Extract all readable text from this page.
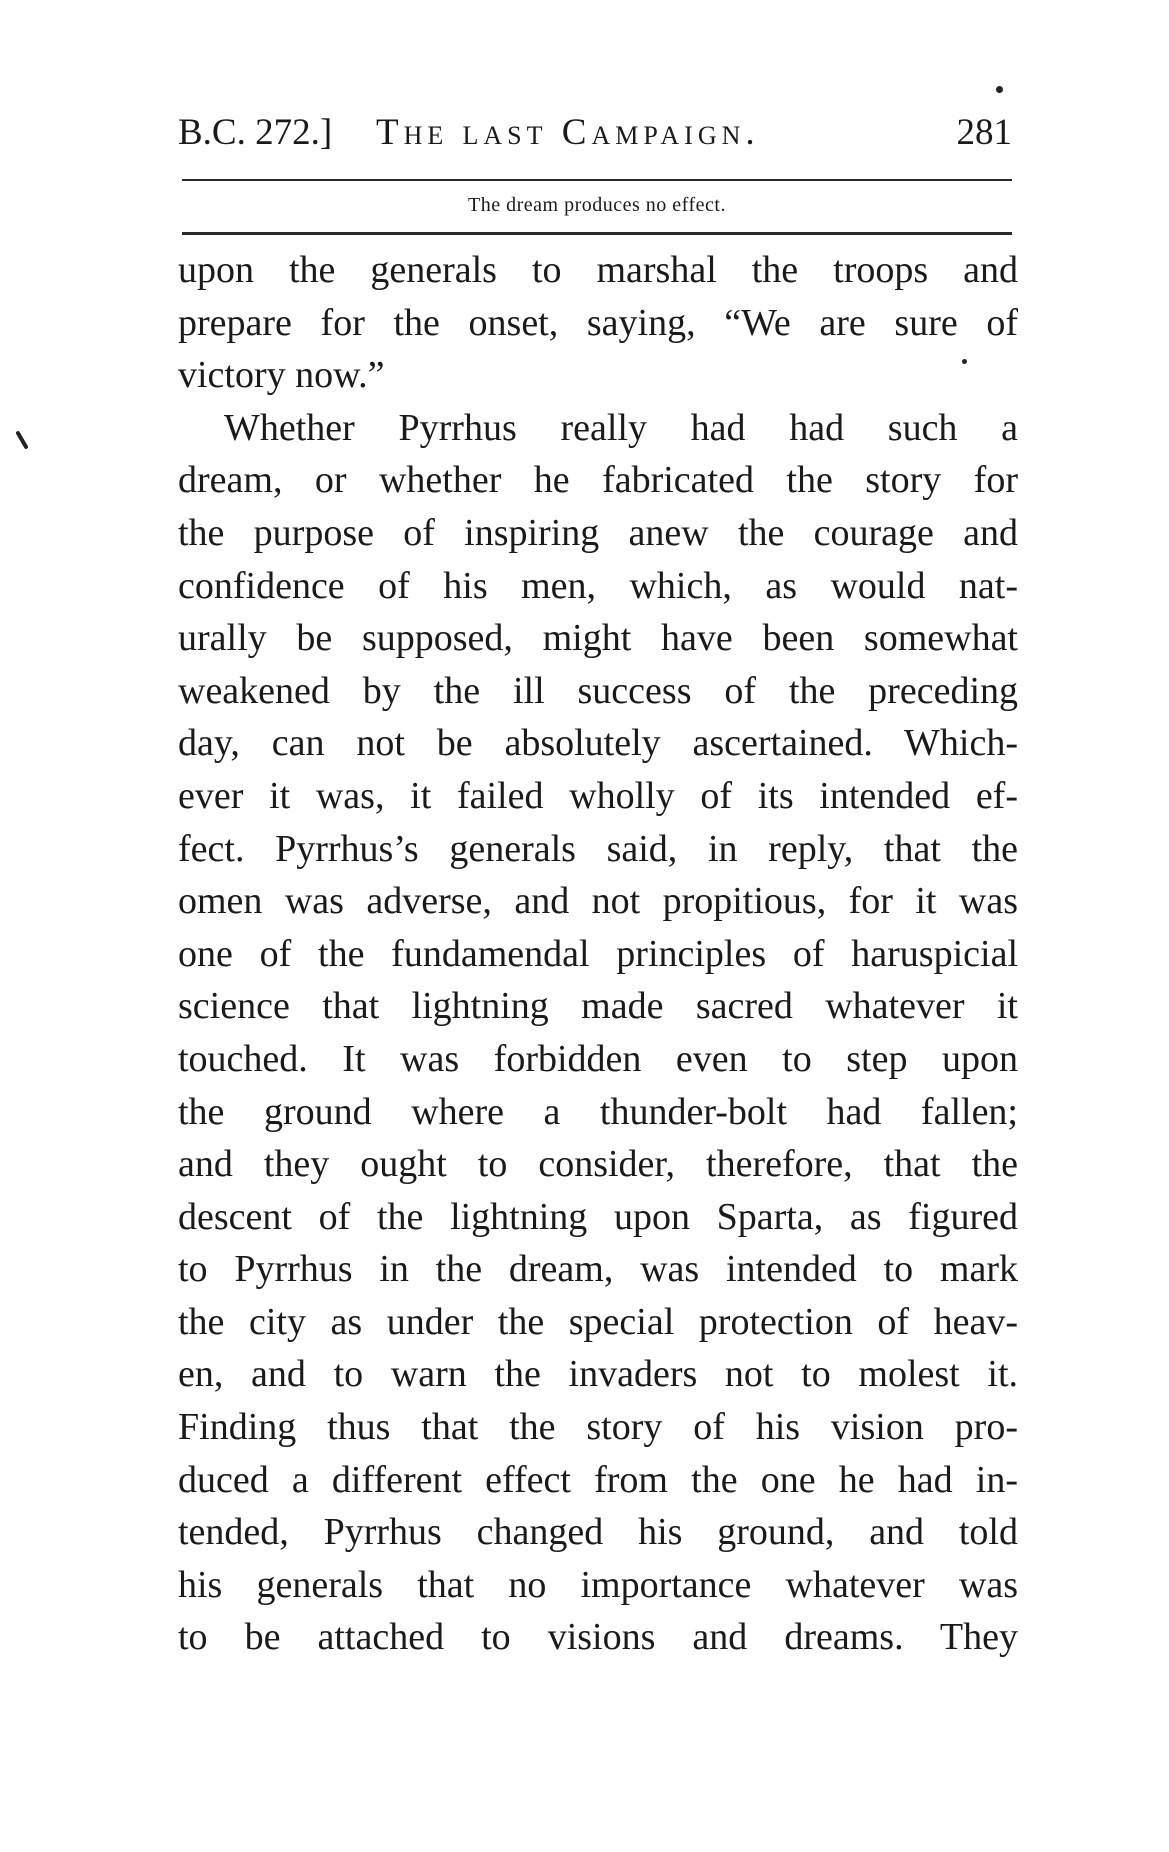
B.C. 272.] The last Campaign.	281
The dream produces no effect.
upon the generals to marshal the troops and
prepare for the onset, saying, “We are sure of
victory now.”
Whether Pyrrhus really had had such a
dream, or whether he fabricated the story for
the purpose of inspiring anew the courage and
confidence of his men, which, as would nat-
urally be supposed, might have been somewhat
weakened by the ill success of the preceding
day, can not be absolutely ascertained. Which-
ever it was, it failed wholly of its intended ef-
fect. Pyrrhus’s generals said, in reply, that the
omen was adverse, and not propitious, for it was
one of the fundamendal principles of haruspicial
science that lightning made sacred whatever it
touched. It was forbidden even to step upon
the ground where a thunder-bolt had fallen;
and they ought to consider, therefore, that the
descent of the lightning upon Sparta, as figured
to Pyrrhus in the dream, was intended to mark
the city as under the special protection of heav-
en, and to warn the invaders not to molest it.
Finding thus that the story of his vision pro-
duced a different effect from the one he had in-
tended, Pyrrhus changed his ground, and told
his generals that no importance whatever was
to be attached to visions and dreams. They
